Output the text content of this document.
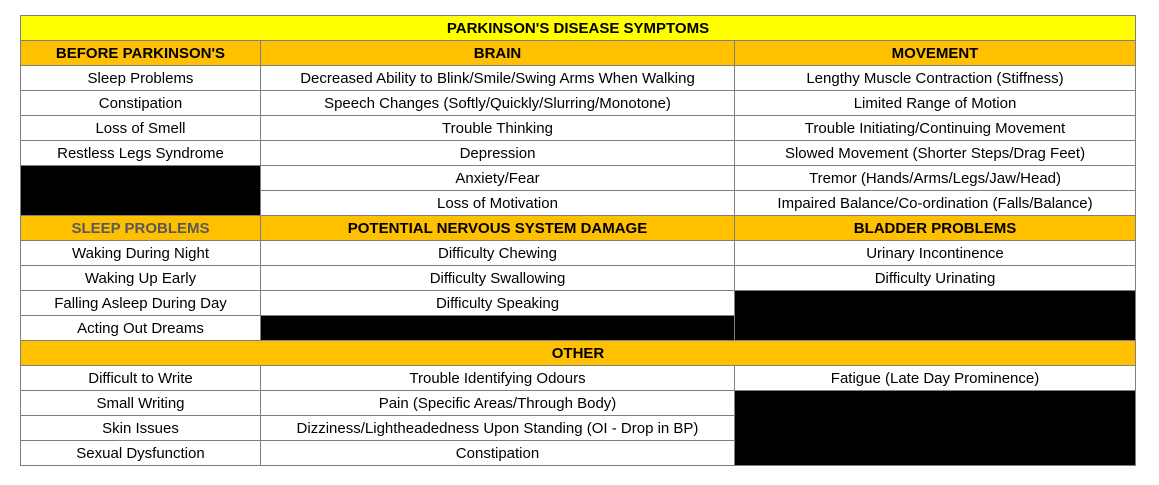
PARKINSON'S DISEASE SYMPTOMS		
BEFORE PARKINSON'S	BRAIN	MOVEMENT
Sleep Problems	Decreased Ability to Blink/Smile/Swing Arms When Walking	Lengthy Muscle Contraction (Stiffness)
Constipation	Speech Changes (Softly/Quickly/Slurring/Monotone)	Limited Range of Motion
Loss of Smell	Trouble Thinking	Trouble Initiating/Continuing Movement
Restless Legs Syndrome	Depression	Slowed Movement (Shorter Steps/Drag Feet)
	Anxiety/Fear	Tremor (Hands/Arms/Legs/Jaw/Head)
	Loss of Motivation	Impaired Balance/Co-ordination (Falls/Balance)
SLEEP PROBLEMS	POTENTIAL NERVOUS SYSTEM DAMAGE	BLADDER PROBLEMS
Waking During Night	Difficulty Chewing	Urinary Incontinence
Waking Up Early	Difficulty Swallowing	Difficulty Urinating
Falling Asleep During Day	Difficulty Speaking	
Acting Out Dreams		
OTHER		
Difficult to Write	Trouble Identifying Odours	Fatigue (Late Day Prominence)
Small Writing	Pain (Specific Areas/Through Body)	
Skin Issues	Dizziness/Lightheadedness Upon Standing (OI - Drop in BP)	
Sexual Dysfunction	Constipation	
